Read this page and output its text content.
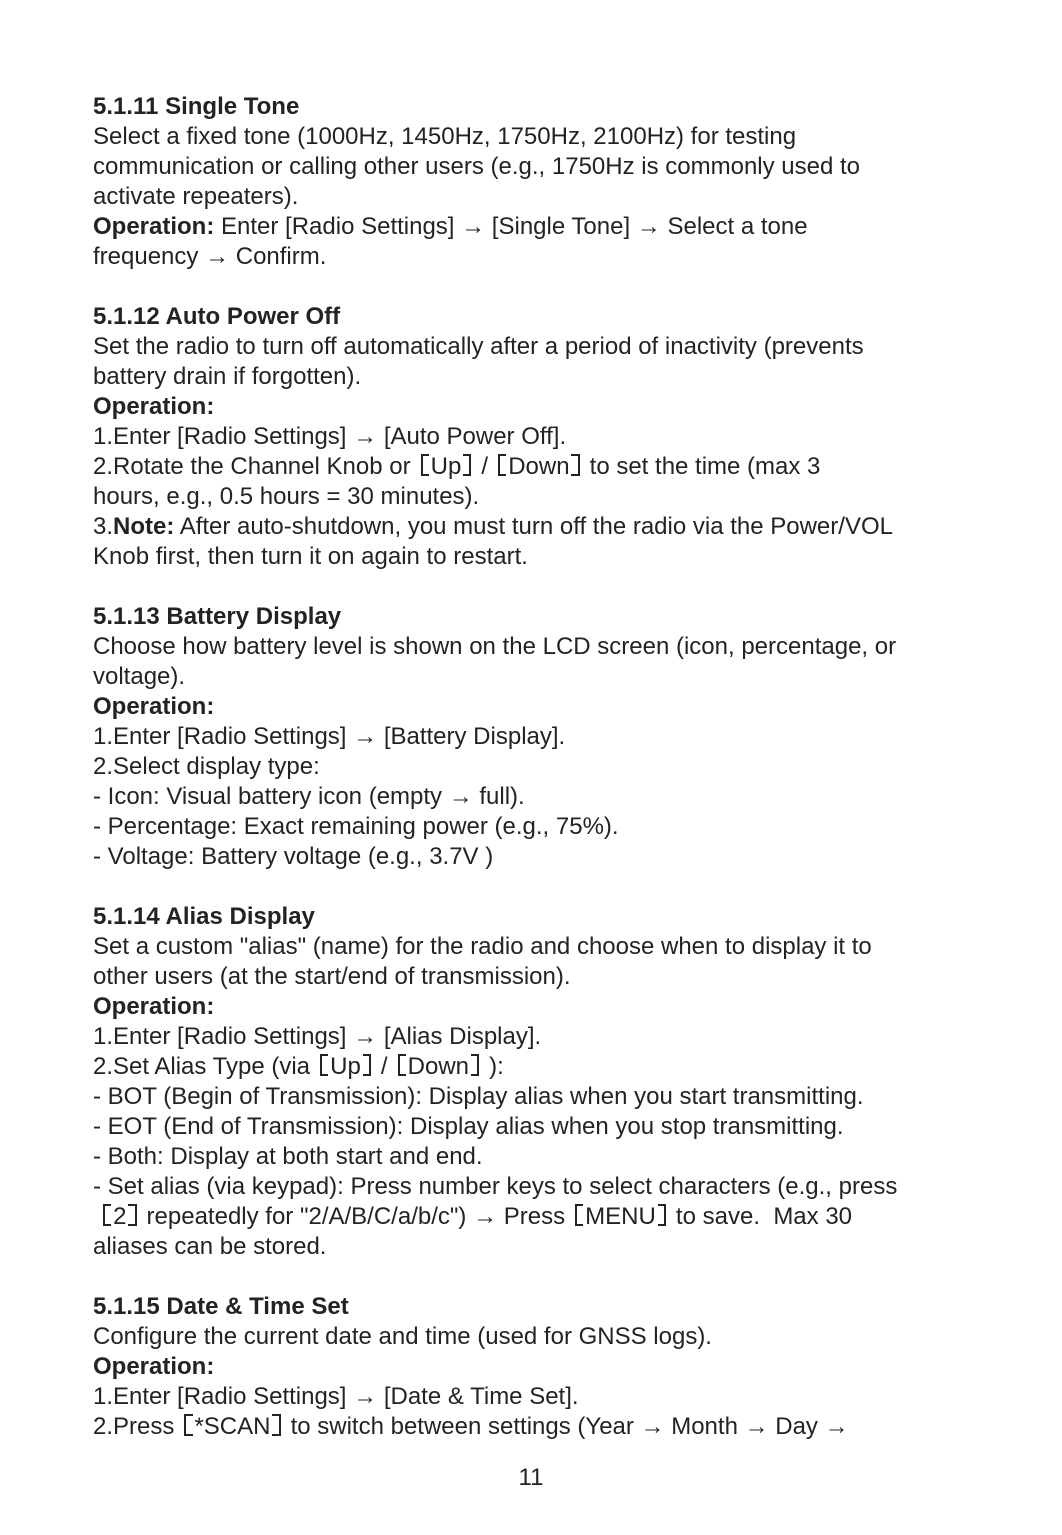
5.1.11 Single Tone

Select a fixed tone (1000Hz, 1450Hz, 1750Hz, 2100Hz) for testing

communication or calling other users (e.g., 1750Hz is commonly used to

activate repeaters).

Operation: Enter [Radio Settings] → [Single Tone] → Select a tone

frequency → Confirm.

5.1.12 Auto Power Off

Set the radio to turn off automatically after a period of inactivity (prevents

battery drain if forgotten).

Operation:

1.Enter [Radio Settings] → [Auto Power Off].

2.Rotate the Channel Knob or Up / Down to set the time (max 3

hours, e.g., 0.5 hours = 30 minutes).

3.Note: After auto-shutdown, you must turn off the radio via the Power/VOL

Knob first, then turn it on again to restart.

5.1.13 Battery Display

Choose how battery level is shown on the LCD screen (icon, percentage, or

voltage).

Operation:

1.Enter [Radio Settings] → [Battery Display].

2.Select display type:

- Icon: Visual battery icon (empty → full).

- Percentage: Exact remaining power (e.g., 75%).

- Voltage: Battery voltage (e.g., 3.7V )

5.1.14 Alias Display

Set a custom "alias" (name) for the radio and choose when to display it to

other users (at the start/end of transmission).

Operation:

1.Enter [Radio Settings] → [Alias Display].

2.Set Alias Type (via Up / Down ):

- BOT (Begin of Transmission): Display alias when you start transmitting.

- EOT (End of Transmission): Display alias when you stop transmitting.

- Both: Display at both start and end.

- Set alias (via keypad): Press number keys to select characters (e.g., press

2 repeatedly for "2/A/B/C/a/b/c") → Press MENU to save.  Max 30

aliases can be stored.

5.1.15 Date & Time Set

Configure the current date and time (used for GNSS logs).

Operation:

1.Enter [Radio Settings] → [Date & Time Set].

2.Press *SCAN to switch between settings (Year → Month → Day →

11
